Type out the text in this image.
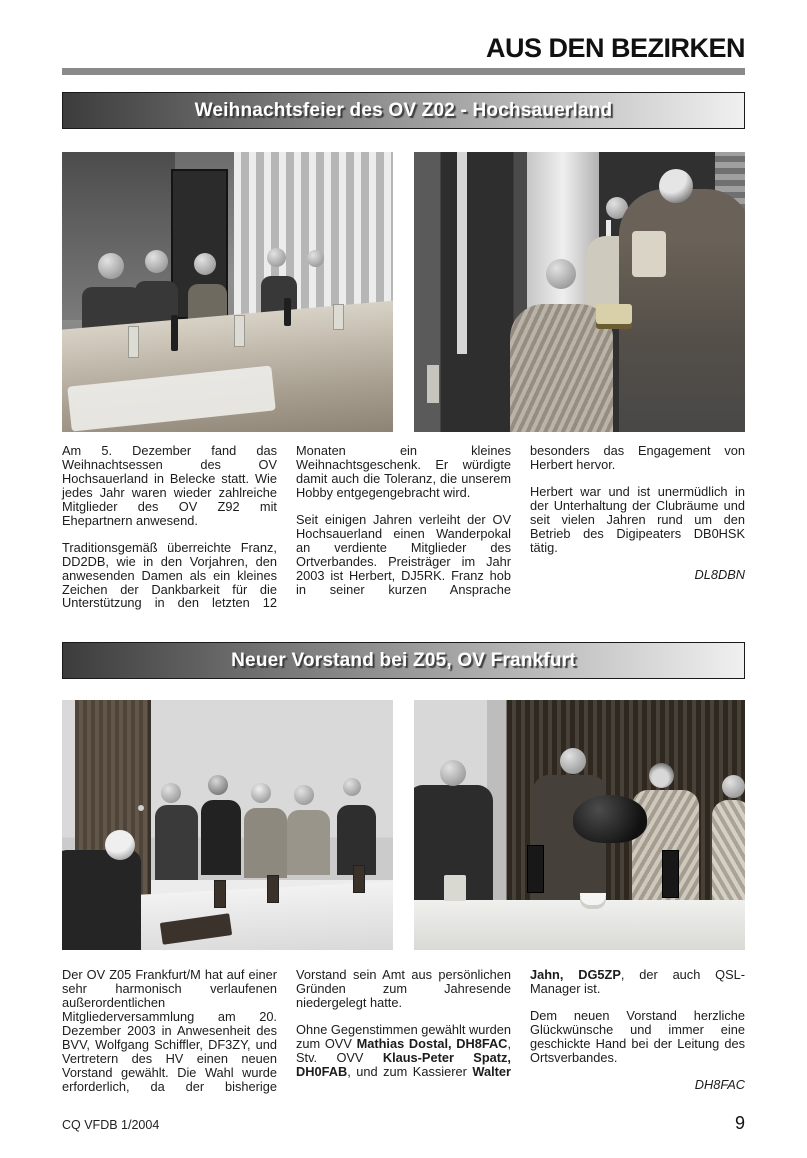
AUS DEN BEZIRKEN
Weihnachtsfeier des OV Z02 - Hochsauerland

Am 5. Dezember fand das Weihnachtsessen des OV Hochsauerland in Belecke statt. Wie jedes Jahr waren wieder zahlreiche Mitglieder des OV Z92 mit Ehepartnern anwesend.

Traditionsgemäß überreichte Franz, DD2DB, wie in den Vorjahren, den anwesenden Damen als ein kleines Zeichen der Dankbarkeit für die Unterstützung in den letzten 12 Monaten ein kleines Weihnachtsgeschenk. Er würdigte damit auch die Toleranz, die unserem Hobby entgegengebracht wird.

Seit einigen Jahren verleiht der OV Hochsauerland einen Wanderpokal an verdiente Mitglieder des Ortverbandes. Preisträger im Jahr 2003 ist Herbert, DJ5RK. Franz hob in seiner kurzen Ansprache besonders das Engagement von Herbert hervor.

Herbert war und ist unermüdlich in der Unterhaltung der Clubräume und seit vielen Jahren rund um den Betrieb des Digipeaters DB0HSK tätig.

DL8DBN

Neuer Vorstand bei Z05, OV Frankfurt

Der OV Z05 Frankfurt/M hat auf einer sehr harmonisch verlaufenen außerordentlichen Mitgliederversammlung am 20. Dezember 2003 in Anwesenheit des BVV, Wolfgang Schiffler, DF3ZY, und Vertretern des HV einen neuen Vorstand gewählt. Die Wahl wurde erforderlich, da der bisherige Vorstand sein Amt aus persönlichen Gründen zum Jahresende niedergelegt hatte.

Ohne Gegenstimmen gewählt wurden zum OVV Mathias Dostal, DH8FAC, Stv. OVV Klaus-Peter Spatz, DH0FAB, und zum Kassierer Walter Jahn, DG5ZP, der auch QSL-Manager ist.

Dem neuen Vorstand herzliche Glückwünsche und immer eine geschickte Hand bei der Leitung des Ortsverbandes.

DH8FAC

CQ VFDB 1/2004	9
